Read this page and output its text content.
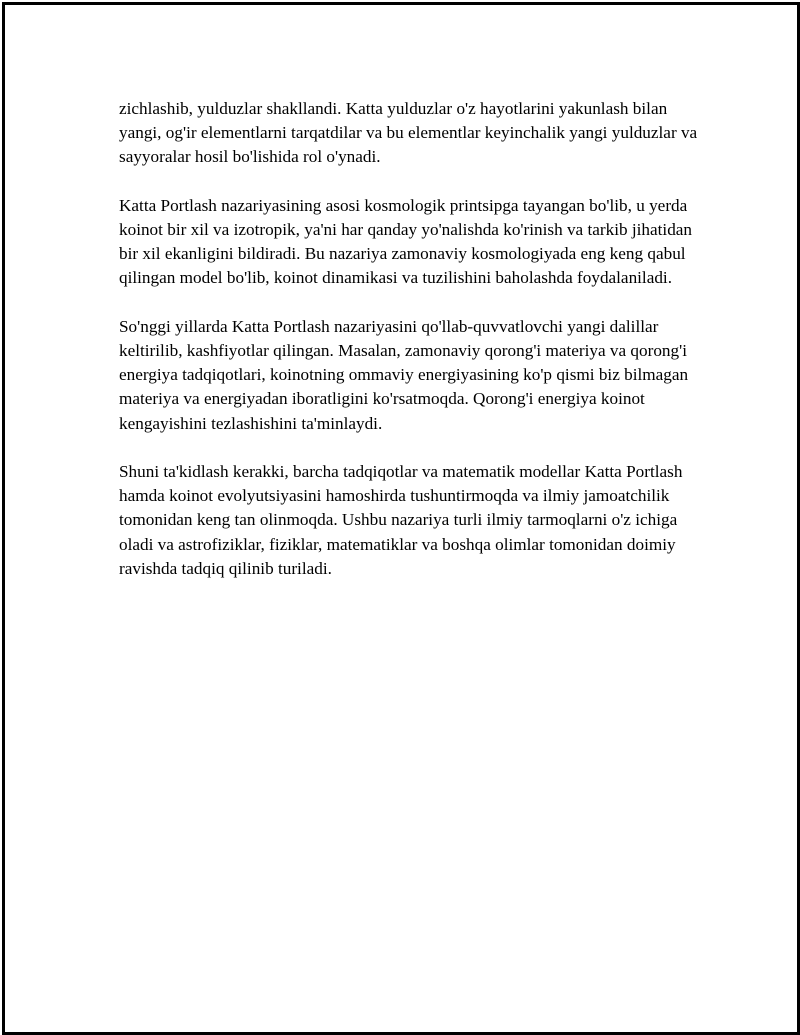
zichlashib, yulduzlar shakllandi. Katta yulduzlar o'z hayotlarini yakunlash bilan yangi, og'ir elementlarni tarqatdilar va bu elementlar keyinchalik yangi yulduzlar va sayyoralar hosil bo'lishida rol o'ynadi.

Katta Portlash nazariyasining asosi kosmologik printsipga tayangan bo'lib, u yerda koinot bir xil va izotropik, ya'ni har qanday yo'nalishda ko'rinish va tarkib jihatidan bir xil ekanligini bildiradi. Bu nazariya zamonaviy kosmologiyada eng keng qabul qilingan model bo'lib, koinot dinamikasi va tuzilishini baholashda foydalaniladi.

So'nggi yillarda Katta Portlash nazariyasini qo'llab-quvvatlovchi yangi dalillar keltirilib, kashfiyotlar qilingan. Masalan, zamonaviy qorong'i materiya va qorong'i energiya tadqiqotlari, koinotning ommaviy energiyasining ko'p qismi biz bilmagan materiya va energiyadan iboratligini ko'rsatmoqda. Qorong'i energiya koinot kengayishini tezlashishini ta'minlaydi.

Shuni ta'kidlash kerakki, barcha tadqiqotlar va matematik modellar Katta Portlash hamda koinot evolyutsiyasini hamoshirda tushuntirmoqda va ilmiy jamoatchilik tomonidan keng tan olinmoqda. Ushbu nazariya turli ilmiy tarmoqlarni o'z ichiga oladi va astrofiziklar, fiziklar, matematiklar va boshqa olimlar tomonidan doimiy ravishda tadqiq qilinib turiladi.
